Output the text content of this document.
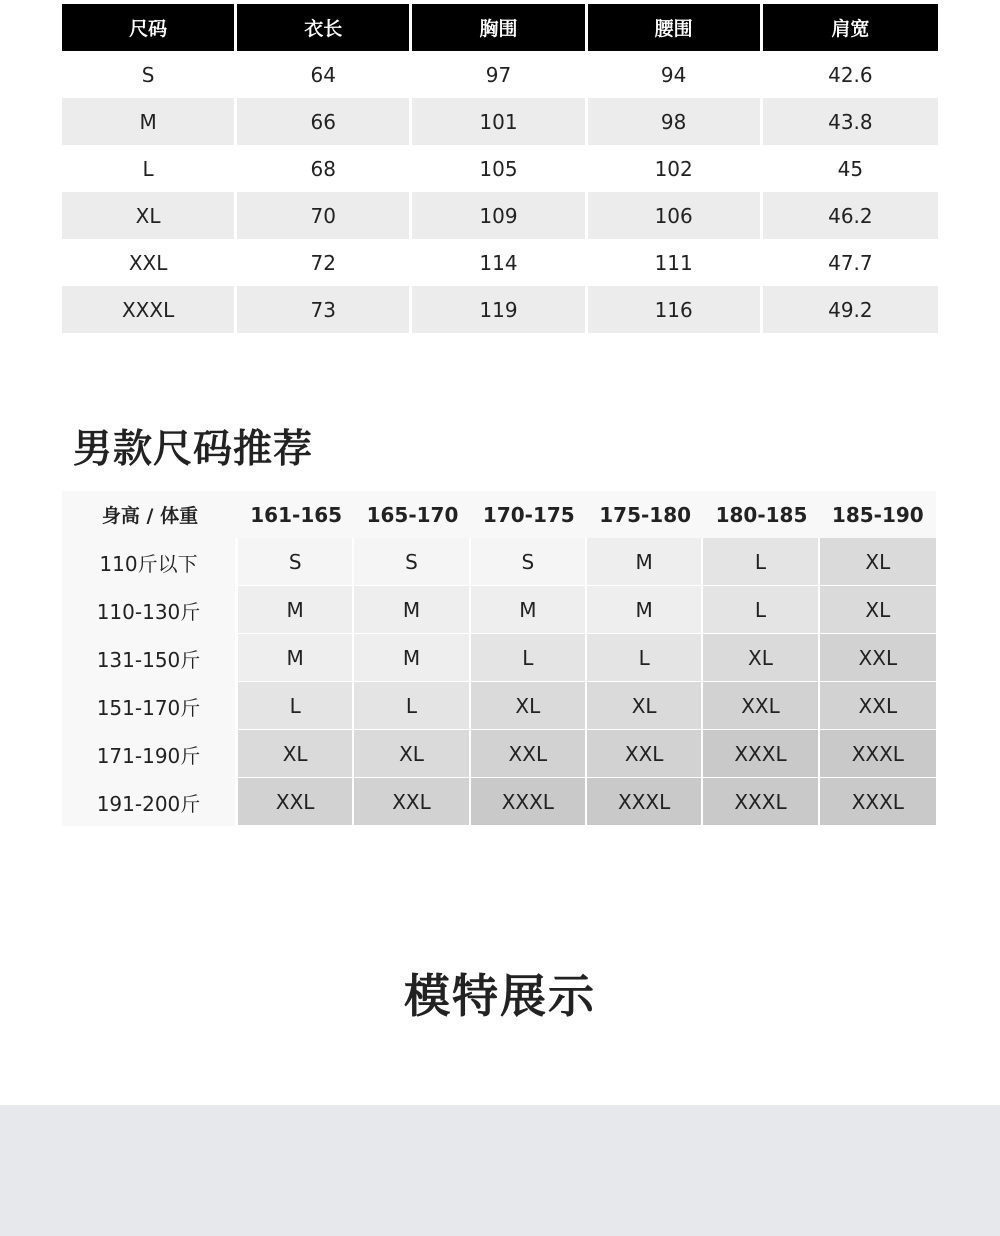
尺码	衣长	胸围	腰围	肩宽
S	64	97	94	42.6
M	66	101	98	43.8
L	68	105	102	45
XL	70	109	106	46.2
XXL	72	114	111	47.7
XXXL	73	119	116	49.2
男款尺码推荐
身高 / 体重	161-165	165-170	170-175	175-180	180-185	185-190
110斤以下	S	S	S	M	L	XL
110-130斤	M	M	M	M	L	XL
131-150斤	M	M	L	L	XL	XXL
151-170斤	L	L	XL	XL	XXL	XXL
171-190斤	XL	XL	XXL	XXL	XXXL	XXXL
191-200斤	XXL	XXL	XXXL	XXXL	XXXL	XXXL
模特展示
